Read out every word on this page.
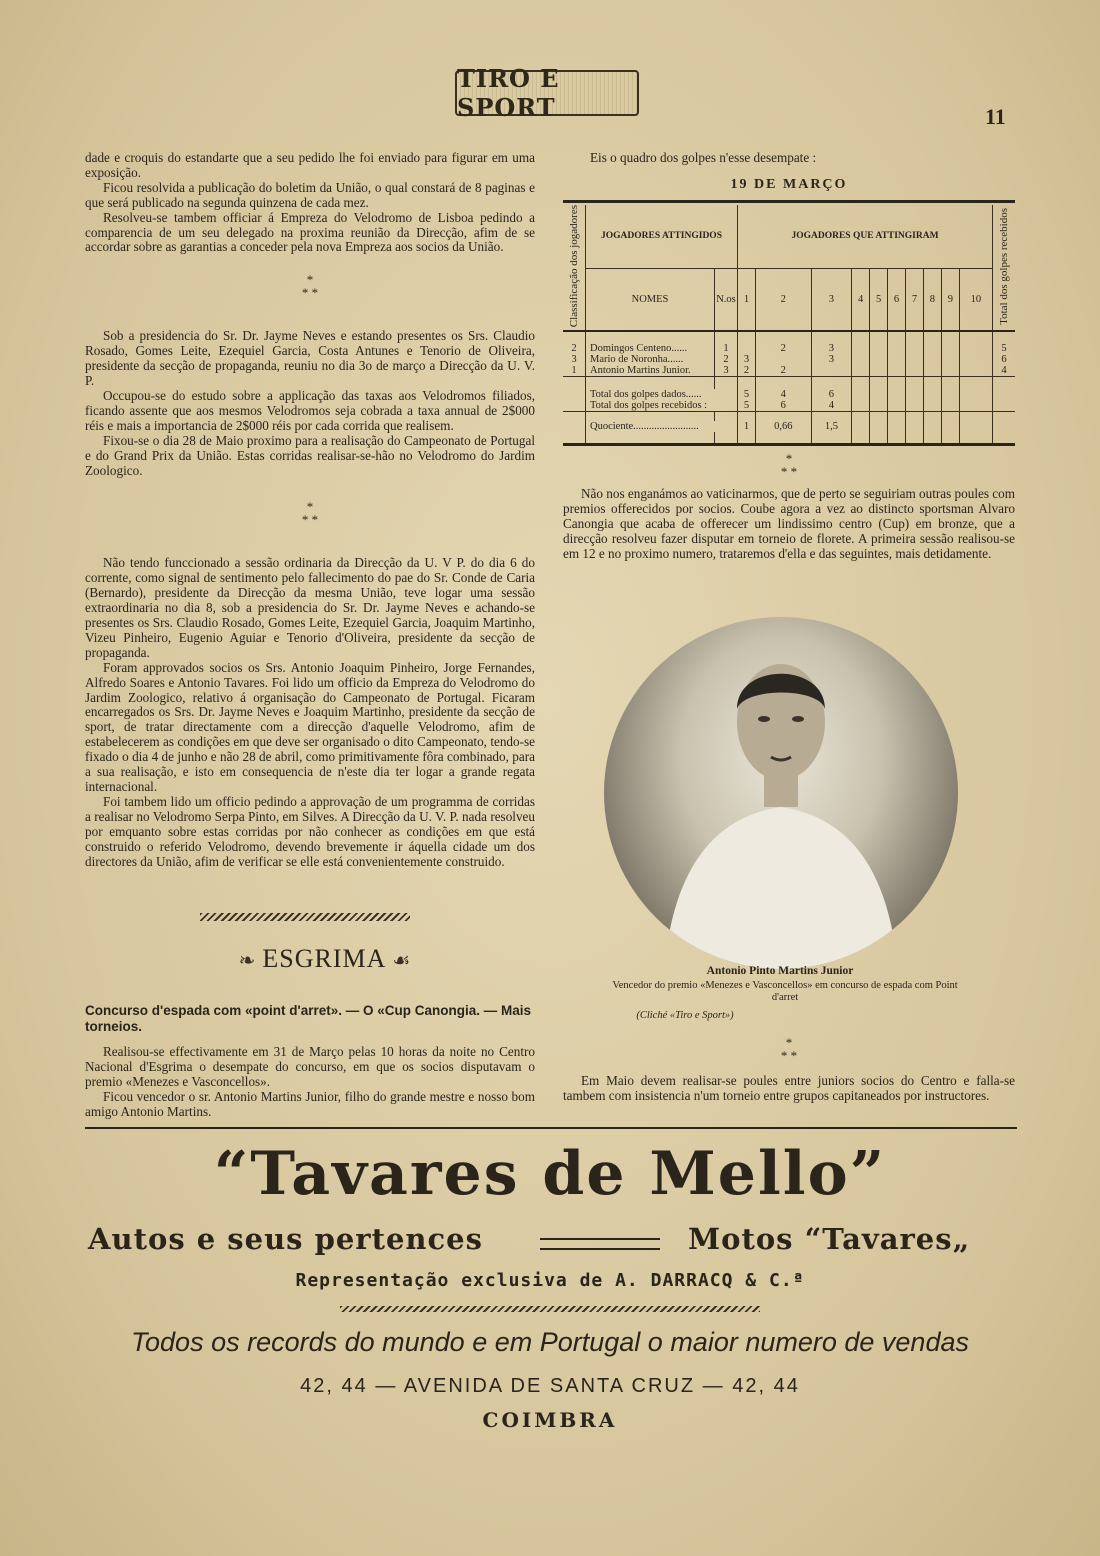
TIRO E SPORT	11

dade e croquis do estandarte que a seu pedido lhe foi enviado para figurar em uma exposição.

Ficou resolvida a publicação do boletim da União, o qual constará de 8 paginas e que será publicado na segunda quinzena de cada mez.

Resolveu-se tambem officiar á Empreza do Velodromo de Lisboa pedindo a comparencia de um seu delegado na proxima reunião da Direcção, afim de se accordar sobre as garantias a conceder pela nova Empreza aos socios da União.

*
* *

Sob a presidencia do Sr. Dr. Jayme Neves e estando presentes os Srs. Claudio Rosado, Gomes Leite, Ezequiel Garcia, Costa Antunes e Tenorio de Oliveira, presidente da secção de propaganda, reuniu no dia 3o de março a Direcção da U. V. P.

Occupou-se do estudo sobre a applicação das taxas aos Velodromos filiados, ficando assente que aos mesmos Velodromos seja cobrada a taxa annual de 2$000 réis e mais a importancia de 2$000 réis por cada corrida que realisem.

Fixou-se o dia 28 de Maio proximo para a realisação do Campeonato de Portugal e do Grand Prix da União. Estas corridas realisar-se-hão no Velodromo do Jardim Zoologico.

*
* *

Não tendo funccionado a sessão ordinaria da Direcção da U. V P. do dia 6 do corrente, como signal de sentimento pelo fallecimento do pae do Sr. Conde de Caria (Bernardo), presidente da Direcção da mesma União, teve logar uma sessão extraordinaria no dia 8, sob a presidencia do Sr. Dr. Jayme Neves e achando-se presentes os Srs. Claudio Rosado, Gomes Leite, Ezequiel Garcia, Joaquim Martinho, Vizeu Pinheiro, Eugenio Aguiar e Tenorio d'Oliveira, presidente da secção de propaganda.

Foram approvados socios os Srs. Antonio Joaquim Pinheiro, Jorge Fernandes, Alfredo Soares e Antonio Tavares. Foi lido um officio da Empreza do Velodromo do Jardim Zoologico, relativo á organisação do Campeonato de Portugal. Ficaram encarregados os Srs. Dr. Jayme Neves e Joaquim Martinho, presidente da secção de sport, de tratar directamente com a direcção d'aquelle Velodromo, afim de estabelecerem as condições em que deve ser organisado o dito Campeonato, tendo-se fixado o dia 4 de junho e não 28 de abril, como primitivamente fôra combinado, para a sua realisação, e isto em consequencia de n'este dia ter logar a grande regata internacional.

Foi tambem lido um officio pedindo a approvação de um programma de corridas a realisar no Velodromo Serpa Pinto, em Silves. A Direcção da U. V. P. nada resolveu por emquanto sobre estas corridas por não conhecer as condições em que está construido o referido Velodromo, devendo brevemente ir áquella cidade um dos directores da União, afim de verificar se elle está convenientemente construido.

❧ ESGRIMA ☙
Concurso d'espada com «point d'arret». — O «Cup Canongia. — Mais torneios.

Realisou-se effectivamente em 31 de Março pelas 10 horas da noite no Centro Nacional d'Esgrima o desempate do concurso, em que os socios disputavam o premio «Menezes e Vasconcellos».

Ficou vencedor o sr. Antonio Martins Junior, filho do grande mestre e nosso bom amigo Antonio Martins.

Eis o quadro dos golpes n'esse desempate :
19 DE MARÇO
Classificação dos jogadores	JOGADORES ATTINGIDOS		JOGADORES QUE ATTINGIRAM										Total dos golpes recebidos
	NOMES	N.os	1	2	3	4	5	6	7	8	9	10	

2	Domingos Centeno......	1		2	3								5
3	Mario de Noronha......	2	3		3								6
1	Antonio Martins Junior.	3	2	2									4

	Total dos golpes dados......		5	4	6								
	Total dos golpes recebidos :		5	6	4								

	Quociente.........................		1	0,66	1,5								

*
* *

Não nos enganámos ao vaticinarmos, que de perto se seguiriam outras poules com premios offerecidos por socios. Coube agora a vez ao distincto sportsman Alvaro Canongia que acaba de offerecer um lindissimo centro (Cup) em bronze, que a direcção resolveu fazer disputar em torneio de florete. A primeira sessão realisou-se em 12 e no proximo numero, trataremos d'ella e das seguintes, mais detidamente.

Antonio Pinto Martins Junior
Vencedor do premio «Menezes e Vasconcellos» em concurso de espada com Point d'arret
(Cliché «Tiro e Sport»)
*
* *

Em Maio devem realisar-se poules entre juniors socios do Centro e falla-se tambem com insistencia n'um torneio entre grupos capitaneados por instructores.

“Tavares de Mello”
Autos e seus pertences	Motos “Tavares„
Representação exclusiva de A. DARRACQ & C.ª
Todos os records do mundo e em Portugal o maior numero de vendas
42, 44 — AVENIDA DE SANTA CRUZ — 42, 44
COIMBRA
